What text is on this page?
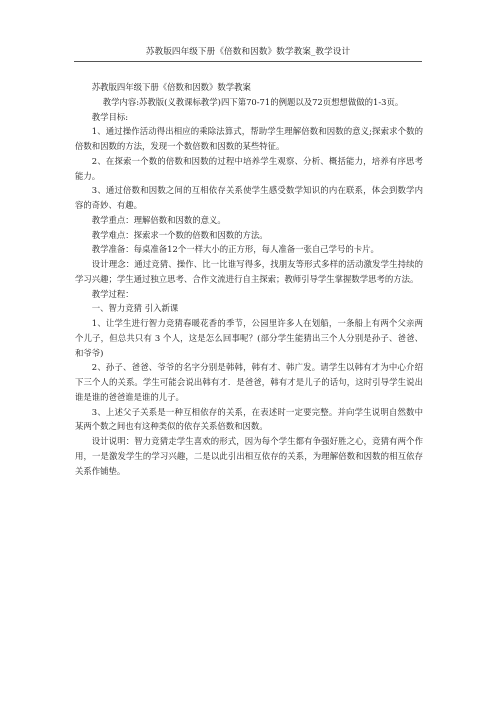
苏教版四年级下册《倍数和因数》数学教案_教学设计

苏教版四年级下册《倍数和因数》数学教案

教学内容:苏教版(义教课标教学)四下第70-71的例题以及72页想想做做的1-3页。

教学目标:

1、通过操作活动得出相应的乘除法算式，帮助学生理解倍数和因数的意义;探索求个数的倍数和因数的方法，发现一个数倍数和因数的某些特征。

2、在探索一个数的倍数和因数的过程中培养学生观察、分析、概括能力，培养有序思考能力。

3、通过倍数和因数之间的互相依存关系使学生感受数学知识的内在联系，体会到数学内容的奇妙、有趣。

教学重点：理解倍数和因数的意义。

教学难点：探索求一个数的倍数和因数的方法。

教学准备：每桌准备12个一样大小的正方形，每人准备一张自己学号的卡片。

设计理念：通过竞猜、操作、比一比谁写得多，找朋友等形式多样的活动激发学生持续的学习兴趣；学生通过独立思考、合作文流进行自主探索；教师引导学生掌握数学思考的方法。

教学过程：

一、智力竞猜 引入新课

1、让学生进行智力竞猜春暖花香的季节，公园里许多人在划船，一条船上有两个父亲两个儿子，但总共只有 3 个人，这是怎么回事呢？(部分学生能猜出三个人分别是孙子、爸爸、和爷爷)

2、孙子、爸爸、爷爷的名字分别是韩韩，韩有才、韩广发。请学生以韩有才为中心介绍下三个人的关系。学生可能会说出韩有才．是爸爸，韩有才是儿子的话句，这时引导学生说出谁是谁的爸爸谁是谁的儿子。

3、上述父子关系是一种互相依存的关系，在表述时一定要完整。并向学生说明自然数中某两个数之间也有这种类似的依存关系倍数和因数。

设计说明：智力竞猜走学生喜欢的形式，因为每个学生都有争强好胜之心，竞猜有两个作用，一是激发学生的学习兴趣，二是以此引出相互依存的关系，为理解倍数和因数的相互依存关系作铺垫。
